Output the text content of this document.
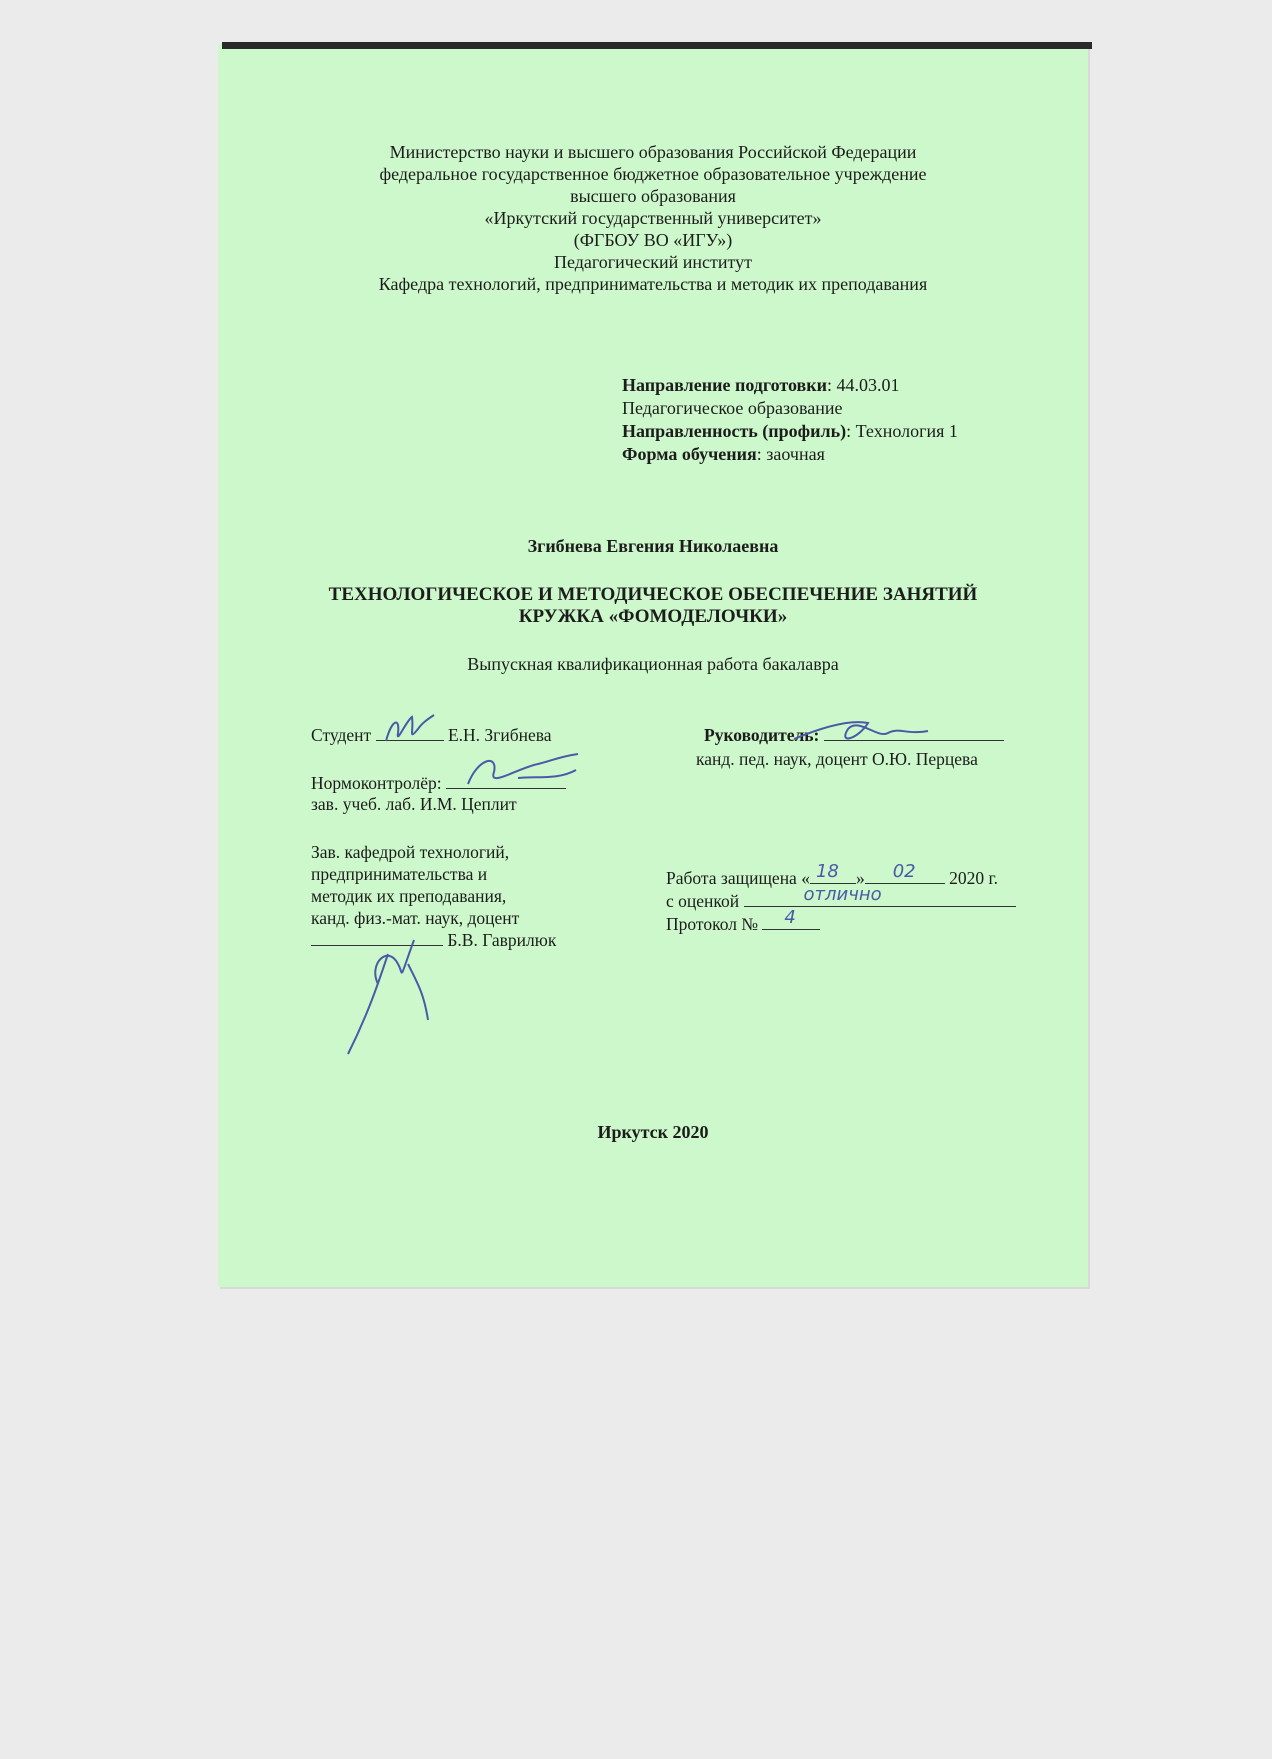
Министерство науки и высшего образования Российской Федерации
федеральное государственное бюджетное образовательное учреждение
высшего образования
«Иркутский государственный университет»
(ФГБОУ ВО «ИГУ»)
Педагогический институт
Кафедра технологий, предпринимательства и методик их преподавания
Направление подготовки: 44.03.01
Педагогическое образование
Направленность (профиль): Технология 1
Форма обучения: заочная
Згибнева Евгения Николаевна
ТЕХНОЛОГИЧЕСКОЕ И МЕТОДИЧЕСКОЕ ОБЕСПЕЧЕНИЕ ЗАНЯТИЙ
КРУЖКА «ФОМОДЕЛОЧКИ»
Выпускная квалификационная работа бакалавра
Студент	Е.Н. Згибнева	Руководитель:
канд. пед. наук, доцент О.Ю. Перцева
Нормоконтролёр:
зав. учеб. лаб. И.М. Цеплит
Зав. кафедрой технологий,
предпринимательства и
методик их преподавания,
канд. физ.-мат. наук, доцент
Б.В. Гаврилюк
Работа защищена « 18 » 02 2020 г.
с оценкой	отлично
Протокол № 4
Иркутск 2020
